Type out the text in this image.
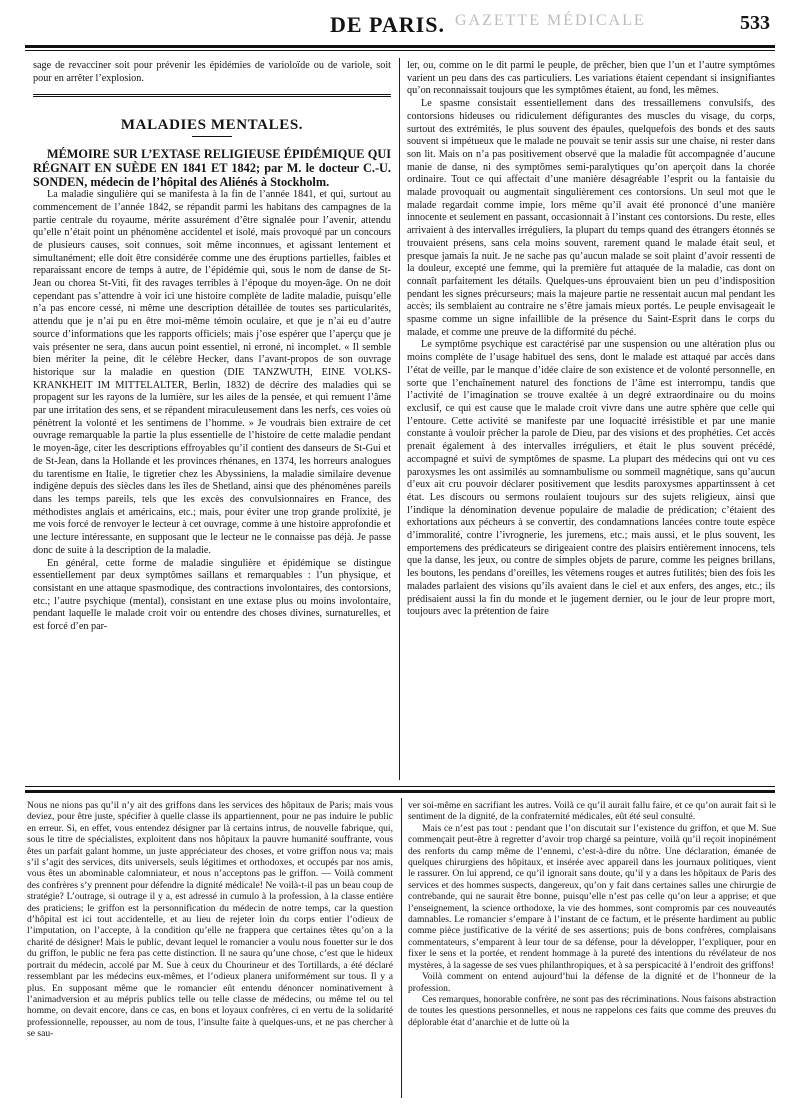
GAZETTE MÉDICALE
DE PARIS.	533

sage de revacciner soit pour prévenir les épidémies de varioloïde ou de variole, soit pour en arrêter l’explosion.

MALADIES MENTALES.

MÉMOIRE SUR L’EXTASE RELIGIEUSE ÉPIDÉMIQUE QUI RÉGNAIT EN SUÈDE EN 1841 ET 1842; par M. le docteur C.-U. SONDEN, médecin de l’hôpital des Aliénés à Stockholm.

La maladie singulière qui se manifesta à la fin de l’année 1841, et qui, surtout au commencement de l’année 1842, se répandit parmi les habitans des campagnes de la partie centrale du royaume, mérite assurément d’être signalée pour l’avenir, attendu qu’elle n’était point un phénomène accidentel et isolé, mais provoqué par un concours de plusieurs causes, soit connues, soit même inconnues, et agissant lentement et simultanément; elle doit être considérée comme une des éruptions partielles, faibles et reparaissant encore de temps à autre, de l’épidémie qui, sous le nom de danse de St-Jean ou chorea St-Viti, fit des ravages terribles à l’époque du moyen-âge. On ne doit cependant pas s’attendre à voir ici une histoire complète de ladite maladie, puisqu’elle n’a pas encore cessé, ni même une description détaillée de toutes ses particularités, attendu que je n’ai pu en être moi-même témoin oculaire, et que je n’ai eu d’autre source d’informations que les rapports officiels; mais j’ose espérer que l’aperçu que je vais présenter ne sera, dans aucun point essentiel, ni erroné, ni incomplet. « Il semble bien mériter la peine, dit le célèbre Hecker, dans l’avant-propos de son ouvrage historique sur la maladie en question (DIE TANZWUTH, EINE VOLKS-KRANKHEIT IM MITTELALTER, Berlin, 1832) de décrire des maladies qui se propagent sur les rayons de la lumière, sur les ailes de la pensée, et qui remuent l’âme par une irritation des sens, et se répandent miraculeusement dans les nerfs, ces voies où pénètrent la volonté et les sentimens de l’homme. » Je voudrais bien extraire de cet ouvrage remarquable la partie la plus essentielle de l’histoire de cette maladie pendant le moyen-âge, citer les descriptions effroyables qu’il contient des danseurs de St-Gui et de St-Jean, dans la Hollande et les provinces rhénanes, en 1374, les horreurs analogues du tarentisme en Italie, le tigretier chez les Abyssiniens, la maladie similaire devenue indigène depuis des siècles dans les îles de Shetland, ainsi que des phénomènes pareils dans les temps pareils, tels que les excès des convulsionnaires en France, des méthodistes anglais et américains, etc.; mais, pour éviter une trop grande prolixité, je me vois forcé de renvoyer le lecteur à cet ouvrage, comme à une histoire approfondie et une lecture intéressante, en supposant que le lecteur ne le connaisse pas déjà. Je passe donc de suite à la description de la maladie.

En général, cette forme de maladie singulière et épidémique se distingue essentiellement par deux symptômes saillans et remarquables : l’un physique, et consistant en une attaque spasmodique, des contractions involontaires, des contorsions, etc.; l’autre psychique (mental), consistant en une extase plus ou moins involontaire, pendant laquelle le malade croit voir ou entendre des choses divines, surnaturelles, et est forcé d’en par-

ler, ou, comme on le dit parmi le peuple, de prêcher, bien que l’un et l’autre symptômes varient un peu dans des cas particuliers. Les variations étaient cependant si insignifiantes qu’on reconnaissait toujours que les symptômes étaient, au fond, les mêmes.

Le spasme consistait essentiellement dans des tressaillemens convulsifs, des contorsions hideuses ou ridiculement défigurantes des muscles du visage, du corps, surtout des extrémités, le plus souvent des épaules, quelquefois des bonds et des sauts souvent si impétueux que le malade ne pouvait se tenir assis sur une chaise, ni rester dans son lit. Mais on n’a pas positivement observé que la maladie fût accompagnée d’aucune manie de danse, ni des symptômes semi-paralytiques qu’on aperçoit dans la chorée ordinaire. Tout ce qui affectait d’une manière désagréable l’esprit ou la fantaisie du malade provoquait ou augmentait singulièrement ces contorsions. Un seul mot que le malade regardait comme impie, lors même qu’il avait été prononcé d’une manière innocente et seulement en passant, occasionnait à l’instant ces contorsions. Du reste, elles arrivaient à des intervalles irréguliers, la plupart du temps quand des étrangers étonnés se trouvaient présens, sans cela moins souvent, rarement quand le malade était seul, et presque jamais la nuit. Je ne sache pas qu’aucun malade se soit plaint d’avoir ressenti de la douleur, excepté une femme, qui la première fut attaquée de la maladie, cas dont on connaît parfaitement les détails. Quelques-uns éprouvaient bien un peu d’indisposition pendant les signes précurseurs; mais la majeure partie ne ressentait aucun mal pendant les accès; ils semblaient au contraire ne s’être jamais mieux portés. Le peuple envisageait le spasme comme un signe infaillible de la présence du Saint-Esprit dans le corps du malade, et comme une preuve de la difformité du péché.

Le symptôme psychique est caractérisé par une suspension ou une altération plus ou moins complète de l’usage habituel des sens, dont le malade est attaqué par accès dans l’état de veille, par le manque d’idée claire de son existence et de volonté personnelle, en sorte que l’enchaînement naturel des fonctions de l’âme est interrompu, tandis que l’activité de l’imagination se trouve exaltée à un degré extraordinaire ou du moins exclusif, ce qui est cause que le malade croit vivre dans une autre sphère que celle qui l’entoure. Cette activité se manifeste par une loquacité irrésistible et par une manie constante à vouloir prêcher la parole de Dieu, par des visions et des prophéties. Cet accès prenait également à des intervalles irréguliers, et était le plus souvent précédé, accompagné et suivi de symptômes de spasme. La plupart des médecins qui ont vu ces paroxysmes les ont assimilés au somnambulisme ou sommeil magnétique, sans qu’aucun d’eux ait cru pouvoir déclarer positivement que lesdits paroxysmes appartinssent à cet état. Les discours ou sermons roulaient toujours sur des sujets religieux, ainsi que l’indique la dénomination devenue populaire de maladie de prédication; c’étaient des exhortations aux pécheurs à se convertir, des condamnations lancées contre toute espèce d’immoralité, contre l’ivrognerie, les juremens, etc.; mais aussi, et le plus souvent, les emportemens des prédicateurs se dirigeaient contre des plaisirs entièrement innocens, tels que la danse, les jeux, ou contre de simples objets de parure, comme les peignes brillans, les boutons, les pendans d’oreilles, les vêtemens rouges et autres futilités; bien des fois les malades parlaient des visions qu’ils avaient dans le ciel et aux enfers, des anges, etc.; ils prédisaient aussi la fin du monde et le jugement dernier, ou le jour de leur propre mort, toujours avec la prétention de faire

Nous ne nions pas qu’il n’y ait des griffons dans les services des hôpitaux de Paris; mais vous deviez, pour être juste, spécifier à quelle classe ils appartiennent, pour ne pas induire le public en erreur. Si, en effet, vous entendez désigner par là certains intrus, de nouvelle fabrique, qui, sous le titre de spécialistes, exploitent dans nos hôpitaux la pauvre humanité souffrante, vous êtes un parfait galant homme, un juste appréciateur des choses, et votre griffon nous va; mais s’il s’agit des services, dits universels, seuls légitimes et orthodoxes, et occupés par nos amis, vous êtes un abominable calomniateur, et nous n’acceptons pas le griffon. — Voilà comment des confrères s’y prennent pour défendre la dignité médicale! Ne voilà-t-il pas un beau coup de stratégie? L’outrage, si outrage il y a, est adressé in cumulo à la profession, à la classe entière des praticiens; le griffon est la personnification du médecin de notre temps, car la question d’hôpital est ici tout accidentelle, et au lieu de rejeter loin du corps entier l’odieux de l’imputation, on l’accepte, à la condition qu’elle ne frappera que certaines têtes qu’on a la charité de désigner! Mais le public, devant lequel le romancier a voulu nous fouetter sur le dos du griffon, le public ne fera pas cette distinction. Il ne saura qu’une chose, c’est que le hideux portrait du médecin, accolé par M. Sue à ceux du Chourineur et des Tortillards, a été déclaré ressemblant par les médecins eux-mêmes, et l’odieux planera uniformément sur tous. Il y a plus. En supposant même que le romancier eût entendu dénoncer nominativement à l’animadversion et au mépris publics telle ou telle classe de médecins, ou même tel ou tel homme, on devait encore, dans ce cas, en bons et loyaux confrères, ci en vertu de la solidarité professionnelle, repousser, au nom de tous, l’insulte faite à quelques-uns, et ne pas chercher à se sau-

ver soi-même en sacrifiant les autres. Voilà ce qu’il aurait fallu faire, et ce qu’on aurait fait si le sentiment de la dignité, de la confraternité médicales, eût été seul consulté.

Mais ce n’est pas tout : pendant que l’on discutait sur l’existence du griffon, et que M. Sue commençait peut-être à regretter d’avoir trop chargé sa peinture, voilà qu’il reçoit inopinément des renforts du camp même de l’ennemi, c’est-à-dire du nôtre. Une déclaration, émanée de quelques chirurgiens des hôpitaux, et insérée avec appareil dans les journaux politiques, vient le rassurer. On lui apprend, ce qu’il ignorait sans doute, qu’il y a dans les hôpitaux de Paris des services et des hommes suspects, dangereux, qu’on y fait dans certaines salles une chirurgie de contrebande, qui ne saurait être bonne, puisqu’elle n’est pas celle qu’on leur a apprise; et que l’enseignement, la science orthodoxe, la vie des hommes, sont compromis par ces nouveautés damnables. Le romancier s’empare à l’instant de ce factum, et le présente hardiment au public comme pièce justificative de la vérité de ses assertions; puis de bons confrères, complaisans commentateurs, s’emparent à leur tour de sa défense, pour la développer, l’expliquer, pour en fixer le sens et la portée, et rendent hommage à la pureté des intentions du révélateur de nos mystères, à la sagesse de ses vues philanthropiques, et à sa perspicacité à l’endroit des griffons!

Voilà comment on entend aujourd’hui la défense de la dignité et de l’honneur de la profession.

Ces remarques, honorable confrère, ne sont pas des récriminations. Nous faisons abstraction de toutes les questions personnelles, et nous ne rappelons ces faits que comme des preuves du déplorable état d’anarchie et de lutte où la
